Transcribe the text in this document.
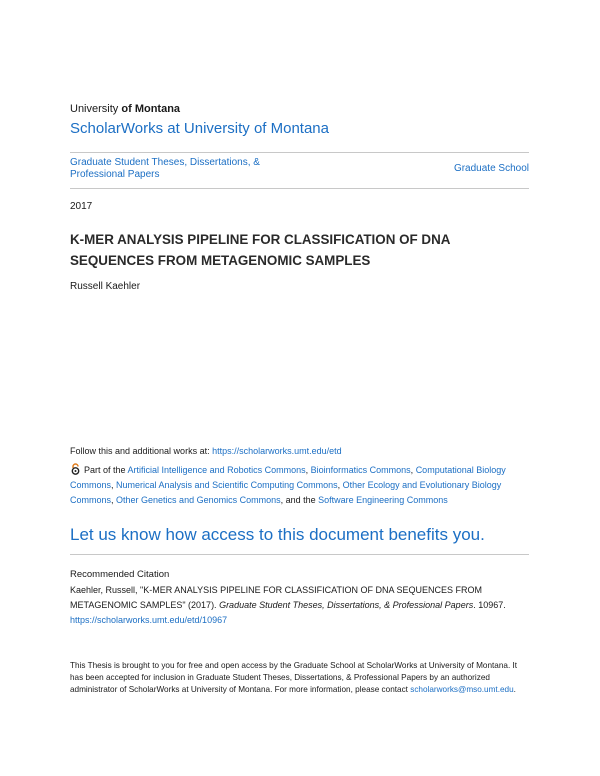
University of Montana
ScholarWorks at University of Montana
Graduate Student Theses, Dissertations, &
Professional Papers
Graduate School
2017
K-MER ANALYSIS PIPELINE FOR CLASSIFICATION OF DNA
SEQUENCES FROM METAGENOMIC SAMPLES
Russell Kaehler
Follow this and additional works at: https://scholarworks.umt.edu/etd
Part of the Artificial Intelligence and Robotics Commons, Bioinformatics Commons, Computational Biology Commons, Numerical Analysis and Scientific Computing Commons, Other Ecology and Evolutionary Biology Commons, Other Genetics and Genomics Commons, and the Software Engineering Commons
Let us know how access to this document benefits you.
Recommended Citation
Kaehler, Russell, "K-MER ANALYSIS PIPELINE FOR CLASSIFICATION OF DNA SEQUENCES FROM METAGENOMIC SAMPLES" (2017). Graduate Student Theses, Dissertations, & Professional Papers. 10967.
https://scholarworks.umt.edu/etd/10967
This Thesis is brought to you for free and open access by the Graduate School at ScholarWorks at University of Montana. It has been accepted for inclusion in Graduate Student Theses, Dissertations, & Professional Papers by an authorized administrator of ScholarWorks at University of Montana. For more information, please contact scholarworks@mso.umt.edu.
